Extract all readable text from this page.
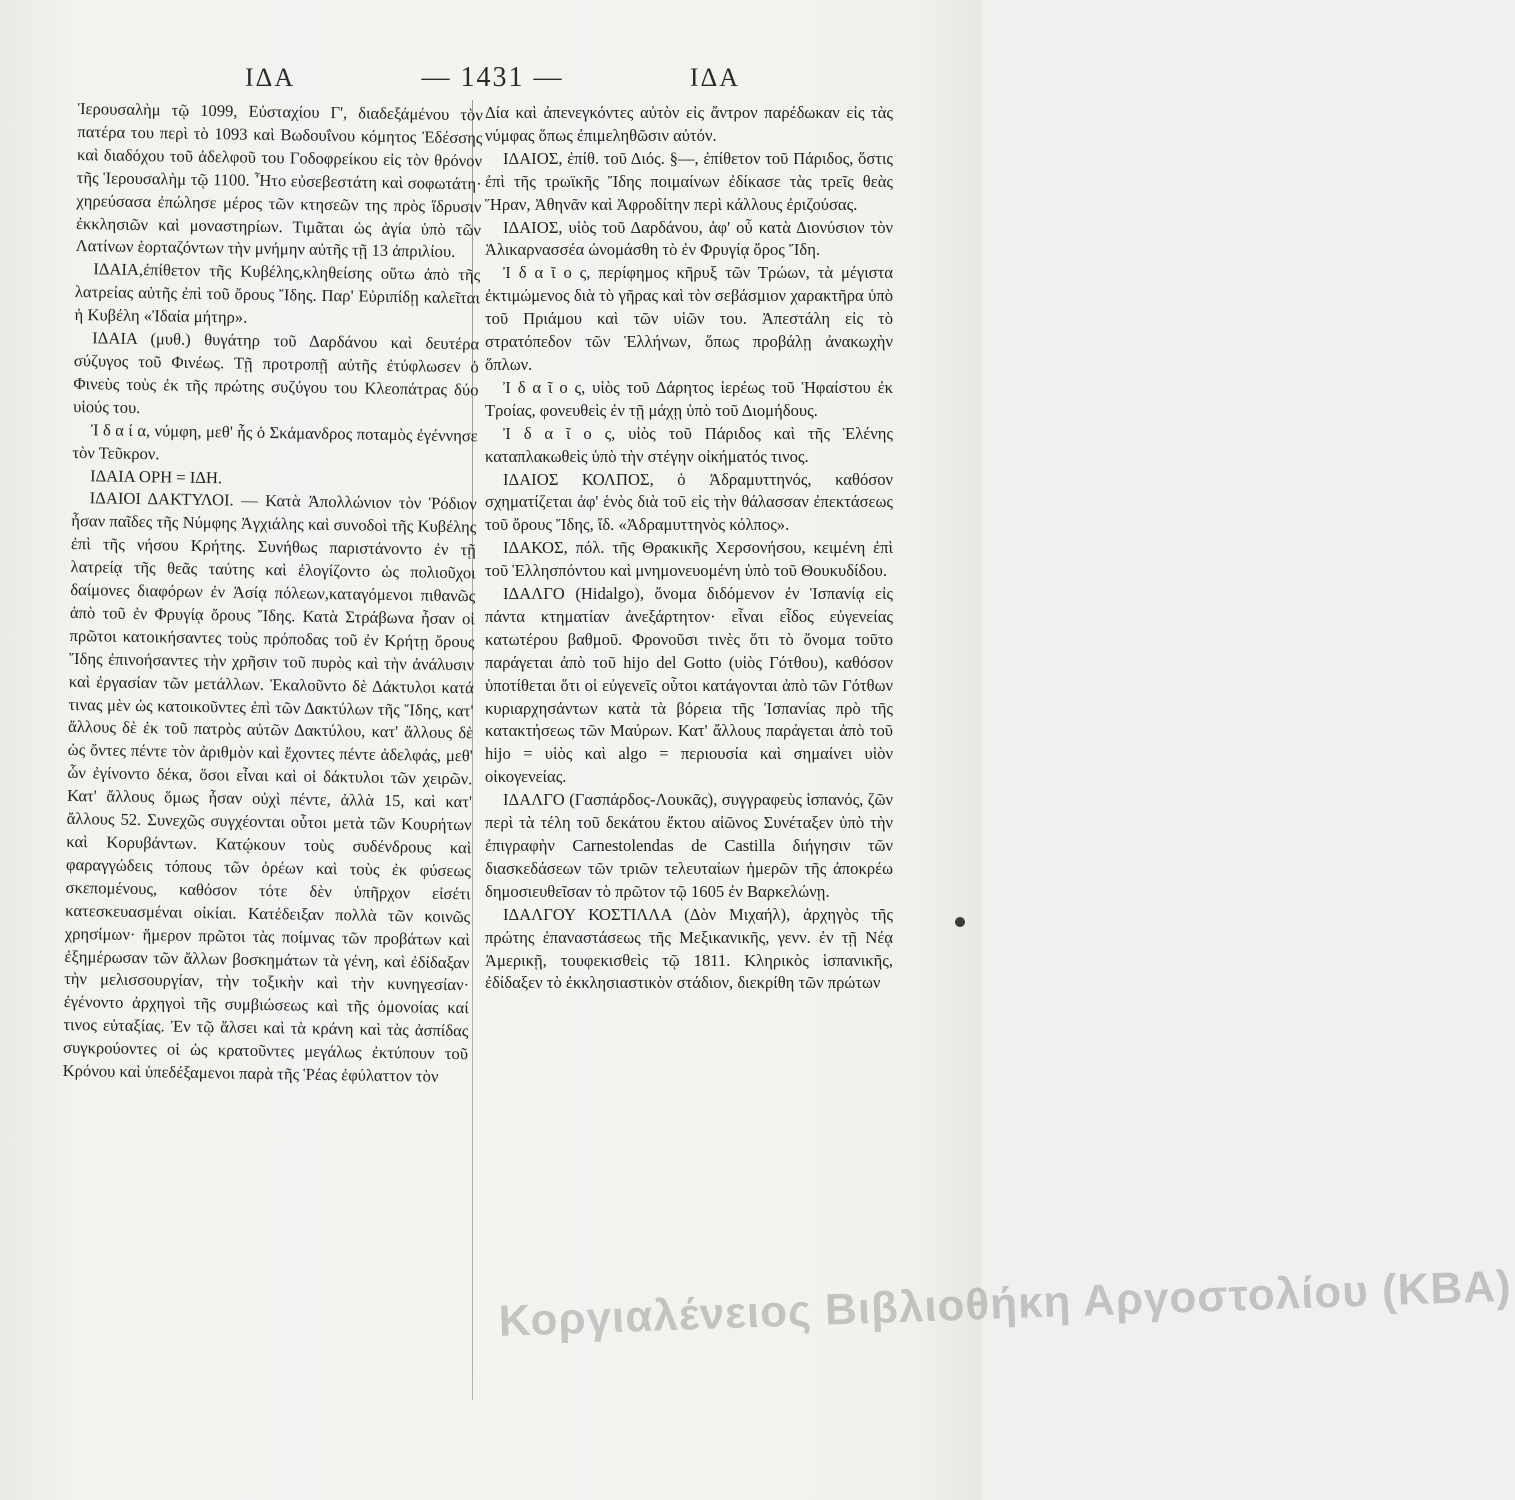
ΙΔΑ	— 1431 —	ΙΔΑ

Ἱερουσαλὴμ τῷ 1099, Εὐσταχίου Γ', διαδεξάμένου τὸν πατέρα του περὶ τὸ 1093 καὶ Βωδουΐνου κόμητος Ἐδέσσης καὶ διαδόχου τοῦ ἀδελφοῦ του Γοδοφρείκου εἰς τὸν θρόνον τῆς Ἱερουσαλὴμ τῷ 1100. Ἦτο εὐσεβεστάτη καὶ σοφωτάτη· χηρεύσασα ἐπώλησε μέρος τῶν κτησεῶν της πρὸς ἵδρυσιν ἐκκλησιῶν καὶ μοναστηρίων. Τιμᾶται ὡς ἁγία ὑπὸ τῶν Λατίνων ἑορταζόντων τὴν μνήμην αὐτῆς τῇ 13 ἀπριλίου.

ΙΔΑΙΑ,ἐπίθετον τῆς Κυβέλης,κληθείσης οὕτω ἀπὸ τῆς λατρείας αὐτῆς ἐπὶ τοῦ ὄρους Ἴδης. Παρ' Εὐριπίδῃ καλεῖται ἡ Κυβέλη «Ἰδαία μήτηρ».

ΙΔΑΙΑ (μυθ.) θυγάτηρ τοῦ Δαρδάνου καὶ δευτέρα σύζυγος τοῦ Φινέως. Τῇ προτροπῇ αὐτῆς ἐτύφλωσεν ὁ Φινεὺς τοὺς ἐκ τῆς πρώτης συζύγου του Κλεοπάτρας δύο υἱούς του.

Ἰ δ α ί α, νύμφη, μεθ' ἧς ὁ Σκάμανδρος ποταμὸς ἐγέννησε τὸν Τεῦκρον.

ΙΔΑΙΑ ΟΡΗ = ΙΔΗ.

ΙΔΑΙΟΙ ΔΑΚΤΥΛΟΙ. — Κατὰ Ἀπολλώνιον τὸν Ῥόδιον ἦσαν παῖδες τῆς Νύμφης Ἀγχιάλης καὶ συνοδοὶ τῆς Κυβέλης ἐπὶ τῆς νήσου Κρήτης. Συνήθως παριστάνοντο ἐν τῇ λατρείᾳ τῆς θεᾶς ταύτης καὶ ἐλογίζοντο ὡς πολιοῦχοι δαίμονες διαφόρων ἐν Ἀσίᾳ πόλεων,καταγόμενοι πιθανῶς ἀπὸ τοῦ ἐν Φρυγίᾳ ὄρους Ἴδης. Κατὰ Στράβωνα ἦσαν οἱ πρῶτοι κατοικήσαντες τοὺς πρόποδας τοῦ ἐν Κρήτῃ ὄρους Ἴδης ἐπινοήσαντες τὴν χρῆσιν τοῦ πυρὸς καὶ τὴν ἀνάλυσιν καὶ ἐργασίαν τῶν μετάλλων. Ἐκαλοῦντο δὲ Δάκτυλοι κατά τινας μὲν ὡς κατοικοῦντες ἐπὶ τῶν Δακτύλων τῆς Ἴδης, κατ' ἄλλους δὲ ἐκ τοῦ πατρὸς αὐτῶν Δακτύλου, κατ' ἄλλους δὲ ὡς ὄντες πέντε τὸν ἀριθμὸν καὶ ἔχοντες πέντε ἀδελφάς, μεθ' ὧν ἐγίνοντο δέκα, ὅσοι εἶναι καὶ οἱ δάκτυλοι τῶν χειρῶν. Κατ' ἄλλους ὅμως ἦσαν οὐχὶ πέντε, ἀλλὰ 15, καὶ κατ' ἄλλους 52. Συνεχῶς συγχέονται οὗτοι μετὰ τῶν Κουρήτων καὶ Κορυβάντων. Κατῴκουν τοὺς συδένδρους καὶ φαραγγώδεις τόπους τῶν ὀρέων καὶ τοὺς ἐκ φύσεως σκεπομένους, καθόσον τότε δὲν ὑπῆρχον εἰσέτι κατεσκευασμέναι οἰκίαι. Κατέδειξαν πολλὰ τῶν κοινῶς χρησίμων· ἥμερον πρῶτοι τὰς ποίμνας τῶν προβάτων καὶ ἐξημέρωσαν τῶν ἄλλων βοσκημάτων τὰ γένη, καὶ ἐδίδαξαν τὴν μελισσουργίαν, τὴν τοξικὴν καὶ τὴν κυνηγεσίαν· ἐγένοντο ἀρχηγοὶ τῆς συμβιώσεως καὶ τῆς ὁμονοίας καί τινος εὐταξίας. Ἐν τῷ ἄλσει καὶ τὰ κράνη καὶ τὰς ἀσπίδας συγκρούοντες οἱ ὡς κρατοῦντες μεγάλως ἐκτύπουν τοῦ Κρόνου καὶ ὑπεδέξαμενοι παρὰ τῆς Ῥέας ἐφύλαττον τὸν

Δία καὶ ἀπενεγκόντες αὐτὸν εἰς ἄντρον παρέδωκαν εἰς τὰς νύμφας ὅπως ἐπιμεληθῶσιν αὐτόν.

ΙΔΑΙΟΣ, ἐπίθ. τοῦ Διός. §—, ἐπίθετον τοῦ Πάριδος, ὅστις ἐπὶ τῆς τρωϊκῆς Ἴδης ποιμαίνων ἐδίκασε τὰς τρεῖς θεὰς Ἥραν, Ἀθηνᾶν καὶ Ἀφροδίτην περὶ κάλλους ἐριζούσας.

ΙΔΑΙΟΣ, υἱὸς τοῦ Δαρδάνου, ἀφ' οὗ κατὰ Διονύσιον τὸν Ἁλικαρνασσέα ὠνομάσθη τὸ ἐν Φρυγίᾳ ὄρος Ἴδη.

Ἰ δ α ῖ ο ς, περίφημος κῆρυξ τῶν Τρώων, τὰ μέγιστα ἐκτιμώμενος διὰ τὸ γῆρας καὶ τὸν σεβάσμιον χαρακτῆρα ὑπὸ τοῦ Πριάμου καὶ τῶν υἱῶν του. Ἀπεστάλη εἰς τὸ στρατόπεδον τῶν Ἑλλήνων, ὅπως προβάλῃ ἀνακωχὴν ὅπλων.

Ἰ δ α ῖ ο ς, υἱὸς τοῦ Δάρητος ἱερέως τοῦ Ἡφαίστου ἐκ Τροίας, φονευθεὶς ἐν τῇ μάχῃ ὑπὸ τοῦ Διομήδους.

Ἰ δ α ῖ ο ς, υἱὸς τοῦ Πάριδος καὶ τῆς Ἑλένης καταπλακωθεὶς ὑπὸ τὴν στέγην οἰκήματός τινος.

ΙΔΑΙΟΣ ΚΟΛΠΟΣ, ὁ Ἀδραμυττηνός, καθόσον σχηματίζεται ἀφ' ἑνὸς διὰ τοῦ εἰς τὴν θάλασσαν ἐπεκτάσεως τοῦ ὄρους Ἴδης, ἴδ. «Ἀδραμυττηνὸς κόλπος».

ΙΔΑΚΟΣ, πόλ. τῆς Θρακικῆς Χερσονήσου, κειμένη ἐπὶ τοῦ Ἑλλησπόντου καὶ μνημονευομένη ὑπὸ τοῦ Θουκυδίδου.

ΙΔΑΛΓΟ (Hidalgo), ὄνομα διδόμενον ἐν Ἱσπανίᾳ εἰς πάντα κτηματίαν ἀνεξάρτητον· εἶναι εἶδος εὐγενείας κατωτέρου βαθμοῦ. Φρονοῦσι τινὲς ὅτι τὸ ὄνομα τοῦτο παράγεται ἀπὸ τοῦ hijo del Gotto (υἱὸς Γότθου), καθόσον ὑποτίθεται ὅτι οἱ εὐγενεῖς οὗτοι κατάγονται ἀπὸ τῶν Γότθων κυριαρχησάντων κατὰ τὰ βόρεια τῆς Ἱσπανίας πρὸ τῆς κατακτήσεως τῶν Μαύρων. Κατ' ἄλλους παράγεται ἀπὸ τοῦ hijo = υἱὸς καὶ algo = περιουσία καὶ σημαίνει υἱὸν οἰκογενείας.

ΙΔΑΛΓΟ (Γασπάρδος-Λουκᾶς), συγγραφεὺς ἱσπανός, ζῶν περὶ τὰ τέλη τοῦ δεκάτου ἕκτου αἰῶνος Συνέταξεν ὑπὸ τὴν ἐπιγραφὴν Carnestolendas de Castilla διήγησιν τῶν διασκεδάσεων τῶν τριῶν τελευταίων ἡμερῶν τῆς ἀποκρέω δημοσιευθεῖσαν τὸ πρῶτον τῷ 1605 ἐν Βαρκελώνῃ.

ΙΔΑΛΓΟΥ ΚΟΣΤΙΛΛΑ (Δὸν Μιχαήλ), ἀρχηγὸς τῆς πρώτης ἐπαναστάσεως τῆς Μεξικανικῆς, γενν. ἐν τῇ Νέᾳ Ἀμερικῇ, τουφεκισθεὶς τῷ 1811. Κληρικὸς ἱσπανικῆς, ἐδίδαξεν τὸ ἐκκλησιαστικὸν στάδιον, διεκρίθη τῶν πρώτων

Κοργιαλένειος Βιβλιοθήκη Αργοστολίου (ΚΒΑ)
